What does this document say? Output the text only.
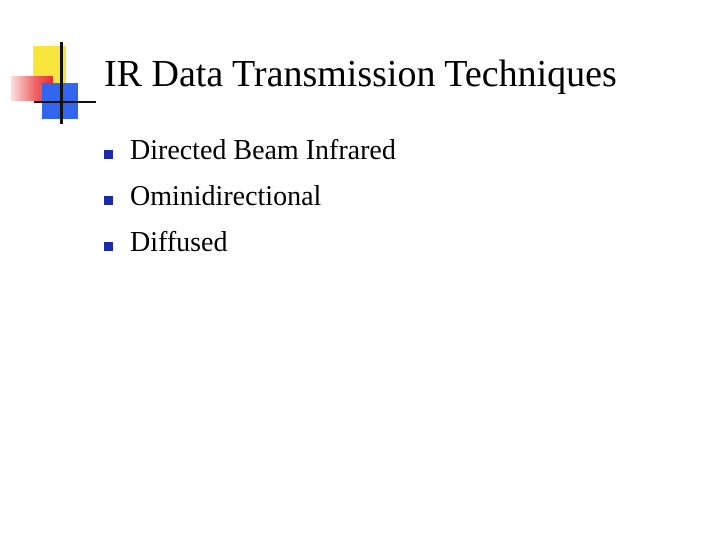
IR Data Transmission Techniques
Directed Beam Infrared
Ominidirectional
Diffused
